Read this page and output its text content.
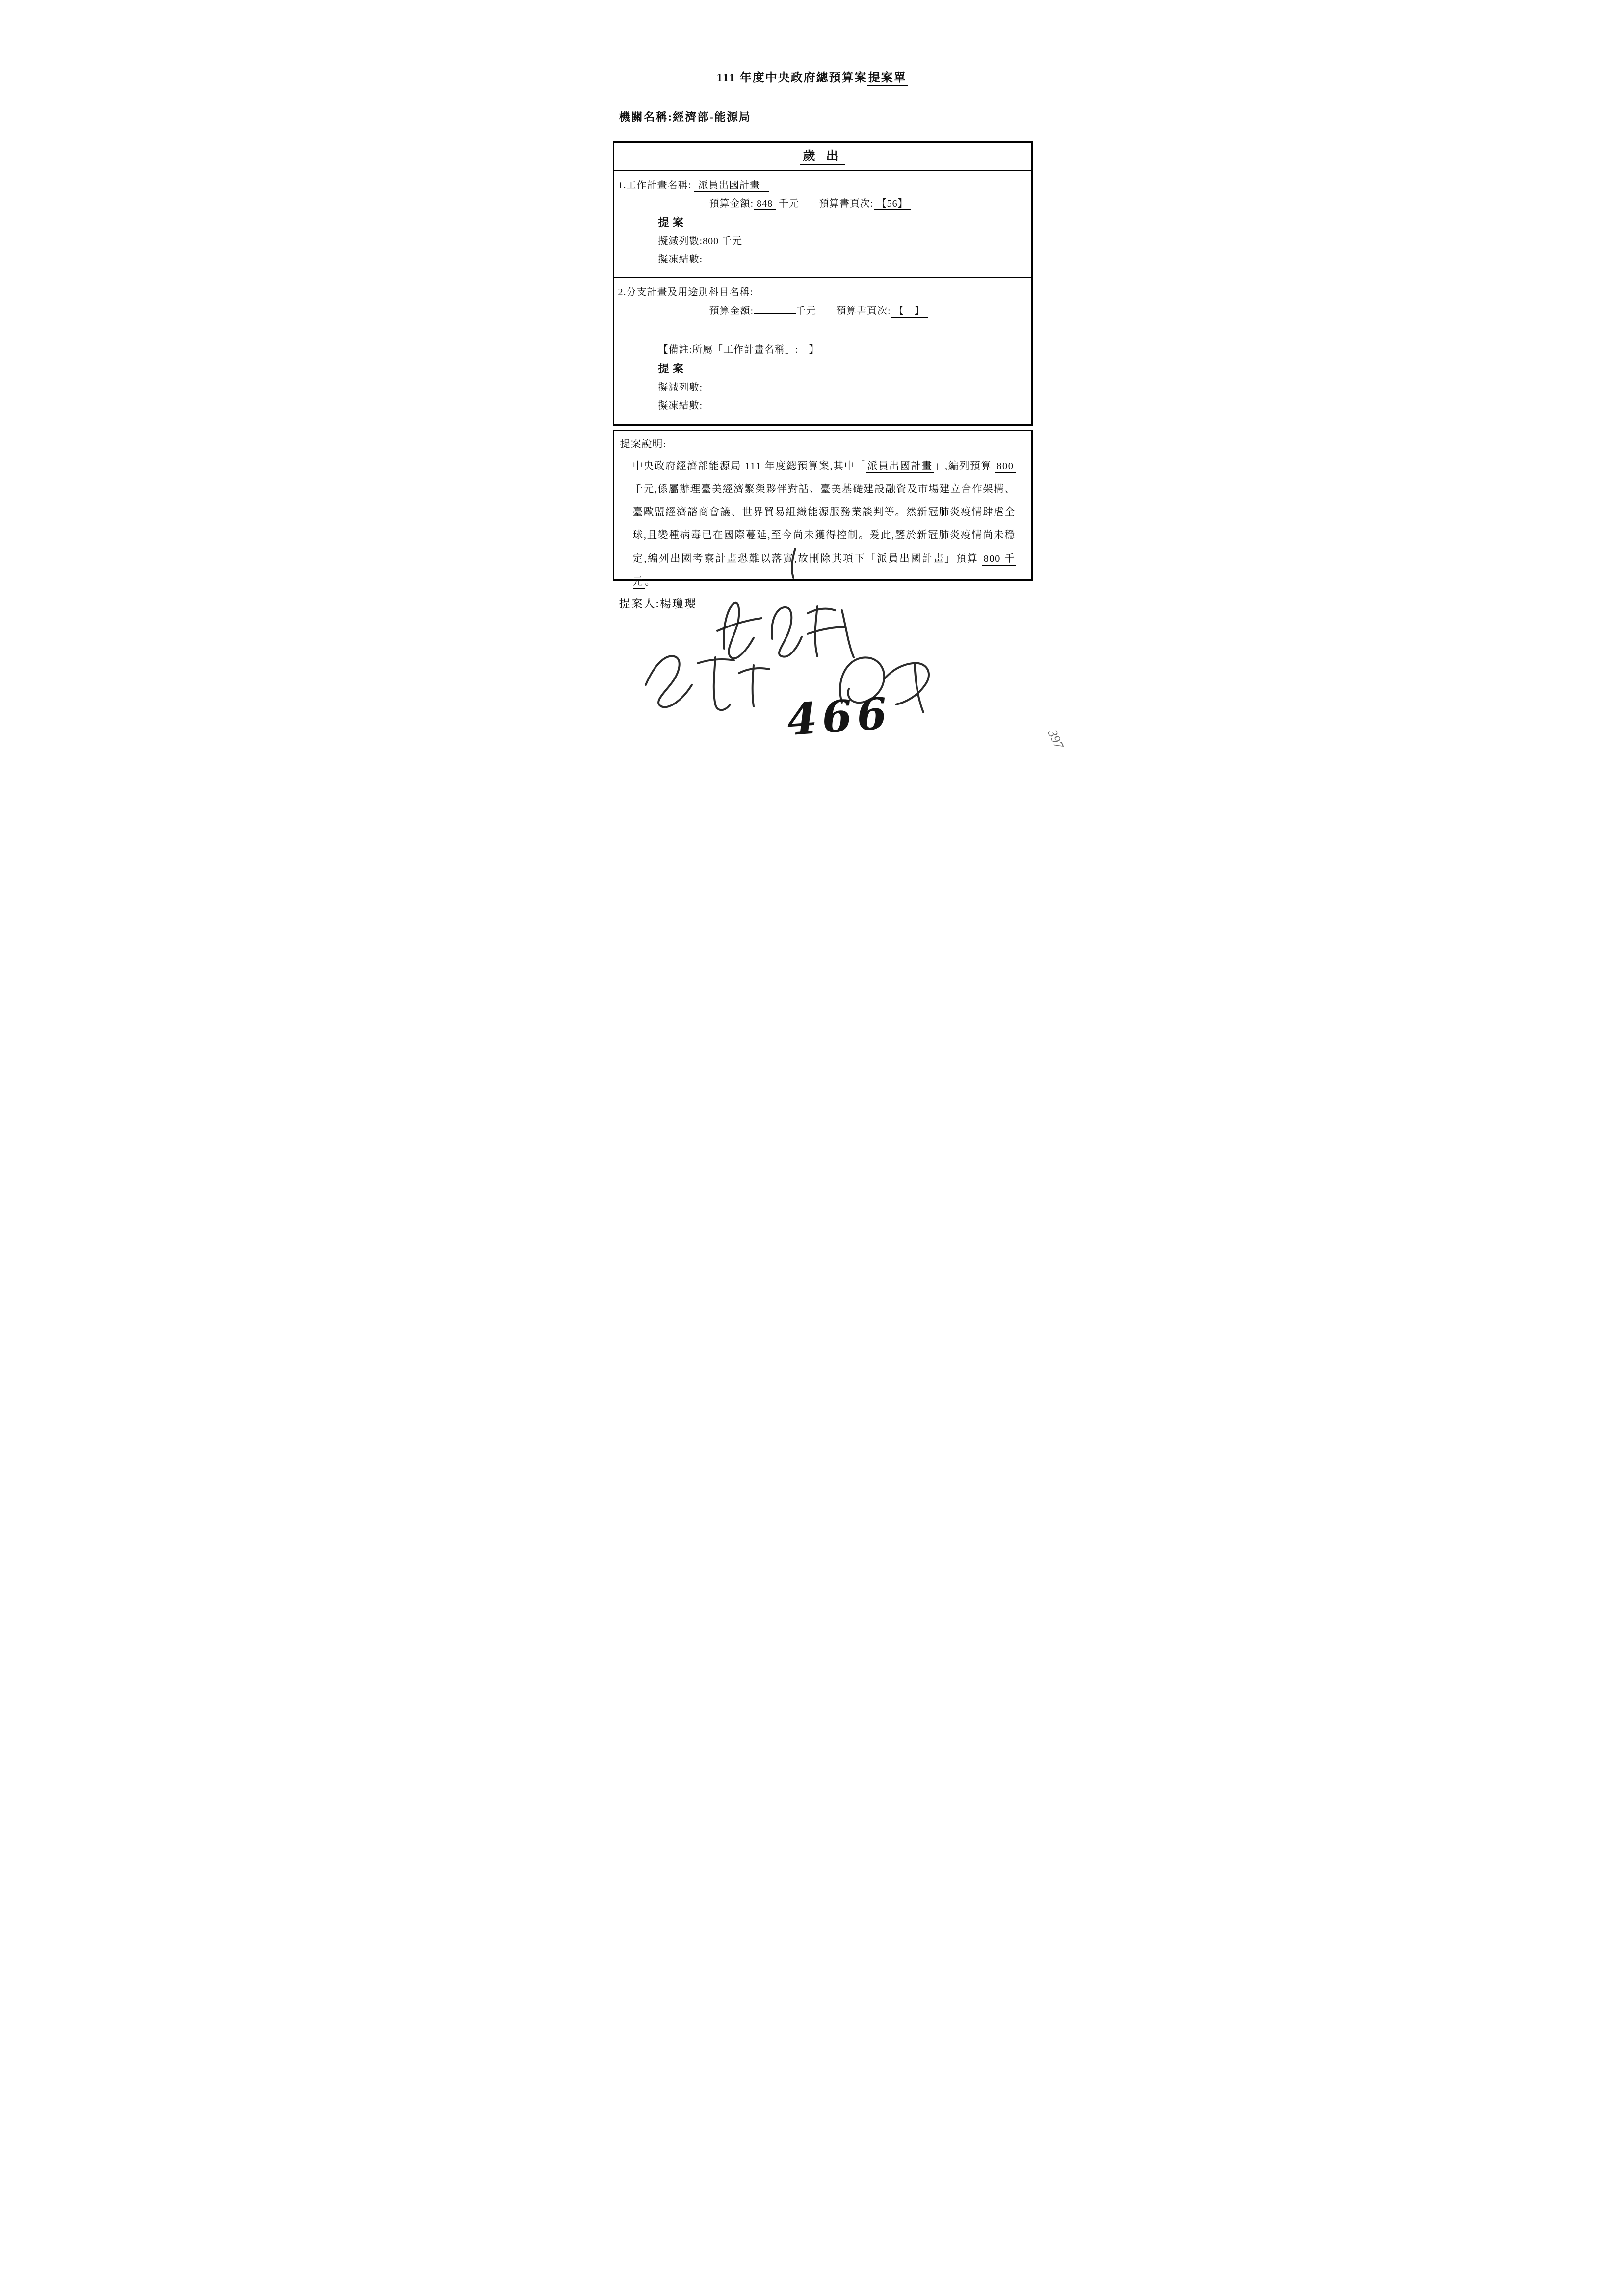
111 年度中央政府總預算案提案單
機關名稱:經濟部-能源局
歲 出
1.工作計畫名稱: 派員出國計畫
預算金額: 848 千元 預算書頁次: 【56】
提 案
擬減列數:800 千元
擬凍結數:
2.分支計畫及用途別科目名稱:
預算金額:	千元 預算書頁次: 【　】
【備註:所屬「工作計畫名稱」:　】
提 案
擬減列數:
擬凍結數:
提案說明:

中央政府經濟部能源局 111 年度總預算案,其中「 派員出國計畫 」,編列預算 800 千元,係屬辦理臺美經濟繁榮夥伴對話、臺美基礎建設融資及市場建立合作架構、臺歐盟經濟諮商會議、世界貿易組織能源服務業談判等。然新冠肺炎疫情肆虐全球,且變種病毒已在國際蔓延,至今尚未獲得控制。爰此,鑒於新冠肺炎疫情尚未穩定,編列出國考察計畫恐難以落實,故刪除其項下「派員出國計畫」預算 800 千元 。

提案人:楊瓊瓔
466	397
